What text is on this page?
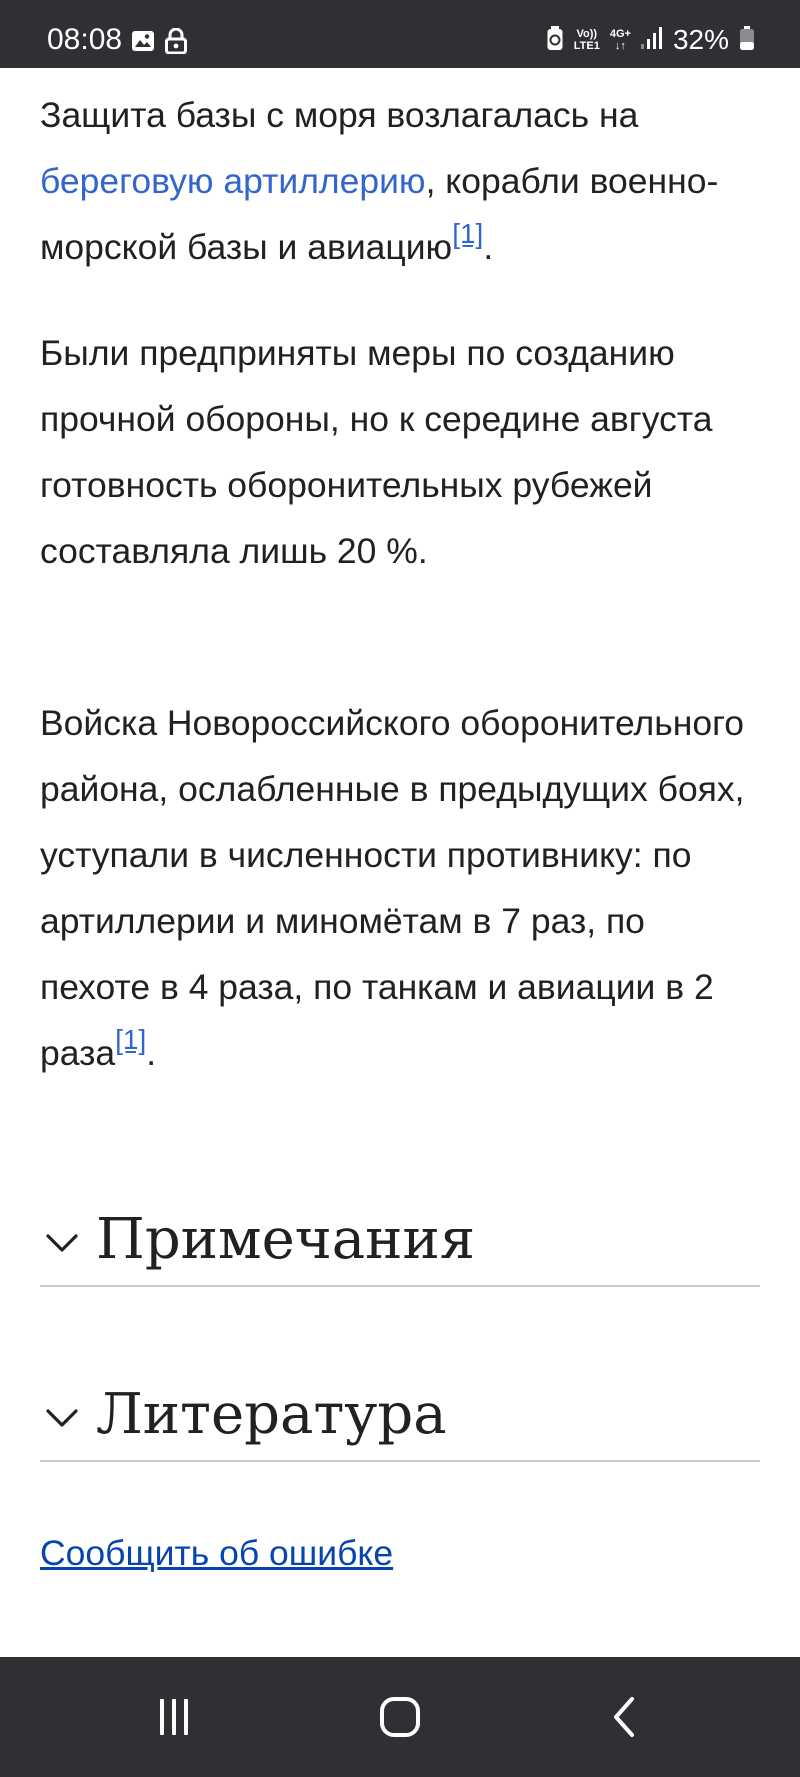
08:08	Vo))
LTE1
4G+
↓↑ 32%

Защита базы с моря возлагалась на береговую артиллерию, корабли военно-морской базы и авиацию[1].

Были предприняты меры по созданию прочной обороны, но к середине августа готовность оборонительных рубежей составляла лишь 20 %.

Войска Новороссийского оборонительного района, ослабленные в предыдущих боях, уступали в численности противнику: по артиллерии и миномётам в 7 раз, по пехоте в 4 раза, по танкам и авиации в 2 раза[1].

Примечания
Литература
Сообщить об ошибке
